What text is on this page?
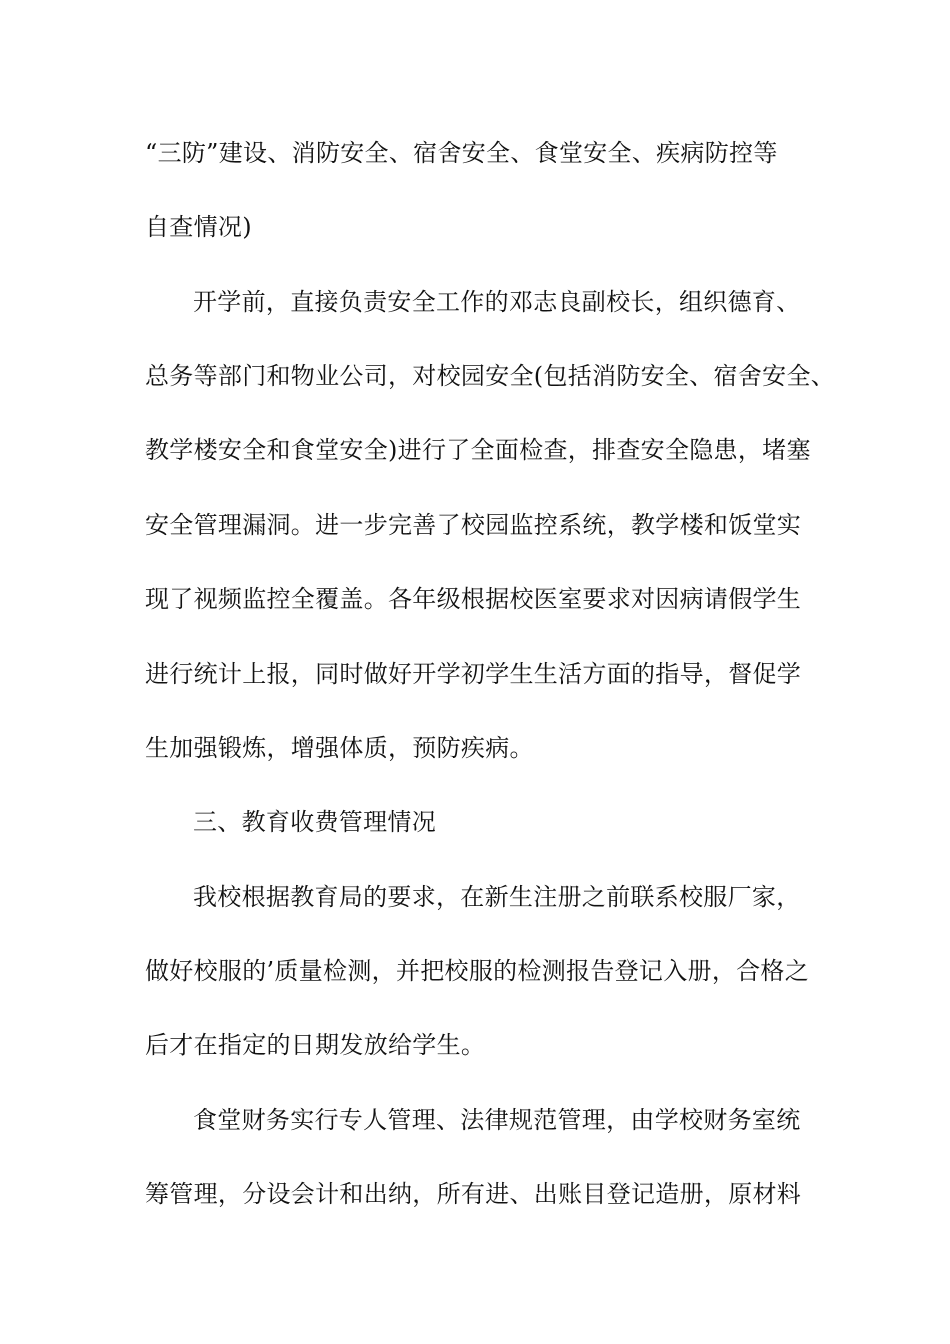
“三防”建设、消防安全、宿舍安全、食堂安全、疾病防控等
自查情况)
开学前，直接负责安全工作的邓志良副校长，组织德育、
总务等部门和物业公司，对校园安全(包括消防安全、宿舍安全、
教学楼安全和食堂安全)进行了全面检查，排查安全隐患，堵塞
安全管理漏洞。进一步完善了校园监控系统，教学楼和饭堂实
现了视频监控全覆盖。各年级根据校医室要求对因病请假学生
进行统计上报，同时做好开学初学生生活方面的指导，督促学
生加强锻炼，增强体质，预防疾病。
三、教育收费管理情况
我校根据教育局的要求，在新生注册之前联系校服厂家，
做好校服的’质量检测，并把校服的检测报告登记入册，合格之
后才在指定的日期发放给学生。
食堂财务实行专人管理、法律规范管理，由学校财务室统
筹管理，分设会计和出纳，所有进、出账目登记造册，原材料
